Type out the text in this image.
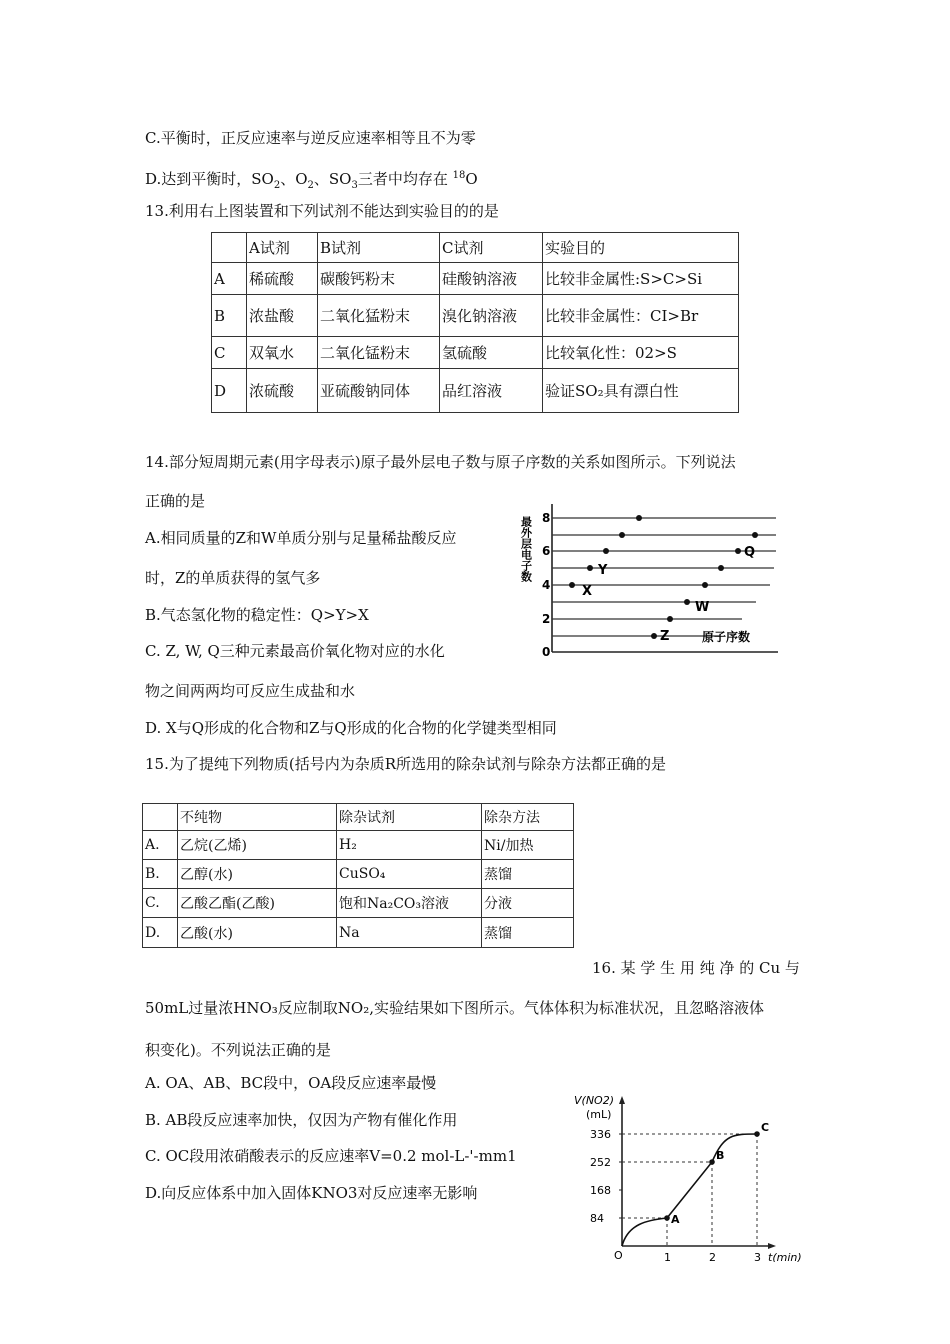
C.平衡时，正反应速率与逆反应速率相等且不为零
D.达到平衡时，$SO_2$、$O_2$、$SO_3$三者中均存在 $^{18}$O
13.利用右上图装置和下列试剂不能达到实验目的的是
	A试剂	B试剂	C试剂	实验目的
A	稀硫酸	碳酸钙粉末	硅酸钠溶液	比较非金属性:S>C>Si
B	浓盐酸	二氧化猛粉末	溴化钠溶液	比较非金属性：CI>Br
C	双氧水	二氧化锰粉末	氢硫酸	比较氧化性：02>S
D	浓硫酸	亚硫酸钠同体	品红溶液	验证SO₂具有漂白性
14.部分短周期元素(用字母表示)原子最外层电子数与原子序数的关系如图所示。下列说法
正确的是
A.相同质量的Z和W单质分别与足量稀盐酸反应
时，Z的单质获得的氢气多
B.气态氢化物的稳定性：Q>Y>X
C. Z, W, Q三种元素最高价氧化物对应的水化
物之间两两均可反应生成盐和水
D. X与Q形成的化合物和Z与Q形成的化合物的化学键类型相同
0
2
4
6
8
最外层电子数
原子序数
X
Y
Z
W
Q
15.为了提纯下列物质(括号内为杂质R所选用的除杂试剂与除杂方法都正确的是
	不纯物	除杂试剂	除杂方法
A.	乙烷(乙烯)	H₂	Ni/加热
B.	乙醇(水)	CuSO₄	蒸馏
C.	乙酸乙酯(乙酸)	饱和Na₂CO₃溶液	分液
D.	乙酸(水)	Na	蒸馏
16. 某 学 生 用 纯 净 的 Cu 与
50mL过量浓HNO₃反应制取NO₂,实验结果如下图所示。气体体积为标准状况，且忽略溶液体
积变化)。不列说法正确的是
A. OA、AB、BC段中，OA段反应速率最慢
B. AB段反应速率加快，仅因为产物有催化作用
C. OC段用浓硝酸表示的反应速率V=0.2 mol-L-'-mm1
D.向反应体系中加入固体KNO3对反应速率无影响
V(NO2)
(mL)
t(min)
84
168
252
336
1	2	3
O
A
B
C
